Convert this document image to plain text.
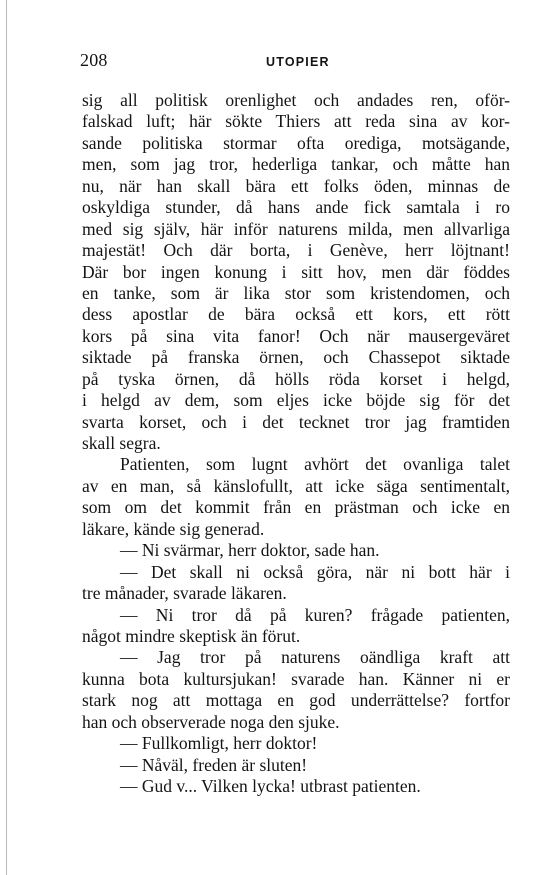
208	UTOPIER
sig all politisk orenlighet och andades ren, oför-
falskad luft; här sökte Thiers att reda sina av kor-
sande politiska stormar ofta orediga, motsägande,
men, som jag tror, hederliga tankar, och måtte han
nu, när han skall bära ett folks öden, minnas de
oskyldiga stunder, då hans ande fick samtala i ro
med sig själv, här inför naturens milda, men allvarliga
majestät! Och där borta, i Genève, herr löjtnant!
Där bor ingen konung i sitt hov, men där föddes
en tanke, som är lika stor som kristendomen, och
dess apostlar de bära också ett kors, ett rött
kors på sina vita fanor! Och när mausergeväret
siktade på franska örnen, och Chassepot siktade
på tyska örnen, då hölls röda korset i helgd,
i helgd av dem, som eljes icke böjde sig för det
svarta korset, och i det tecknet tror jag framtiden
skall segra.
Patienten, som lugnt avhört det ovanliga talet
av en man, så känslofullt, att icke säga sentimentalt,
som om det kommit från en prästman och icke en
läkare, kände sig generad.
— Ni svärmar, herr doktor, sade han.
— Det skall ni också göra, när ni bott här i
tre månader, svarade läkaren.
— Ni tror då på kuren? frågade patienten,
något mindre skeptisk än förut.
— Jag tror på naturens oändliga kraft att
kunna bota kultursjukan! svarade han. Känner ni er
stark nog att mottaga en god underrättelse? fortfor
han och observerade noga den sjuke.
— Fullkomligt, herr doktor!
— Nåväl, freden är sluten!
— Gud v... Vilken lycka! utbrast patienten.
